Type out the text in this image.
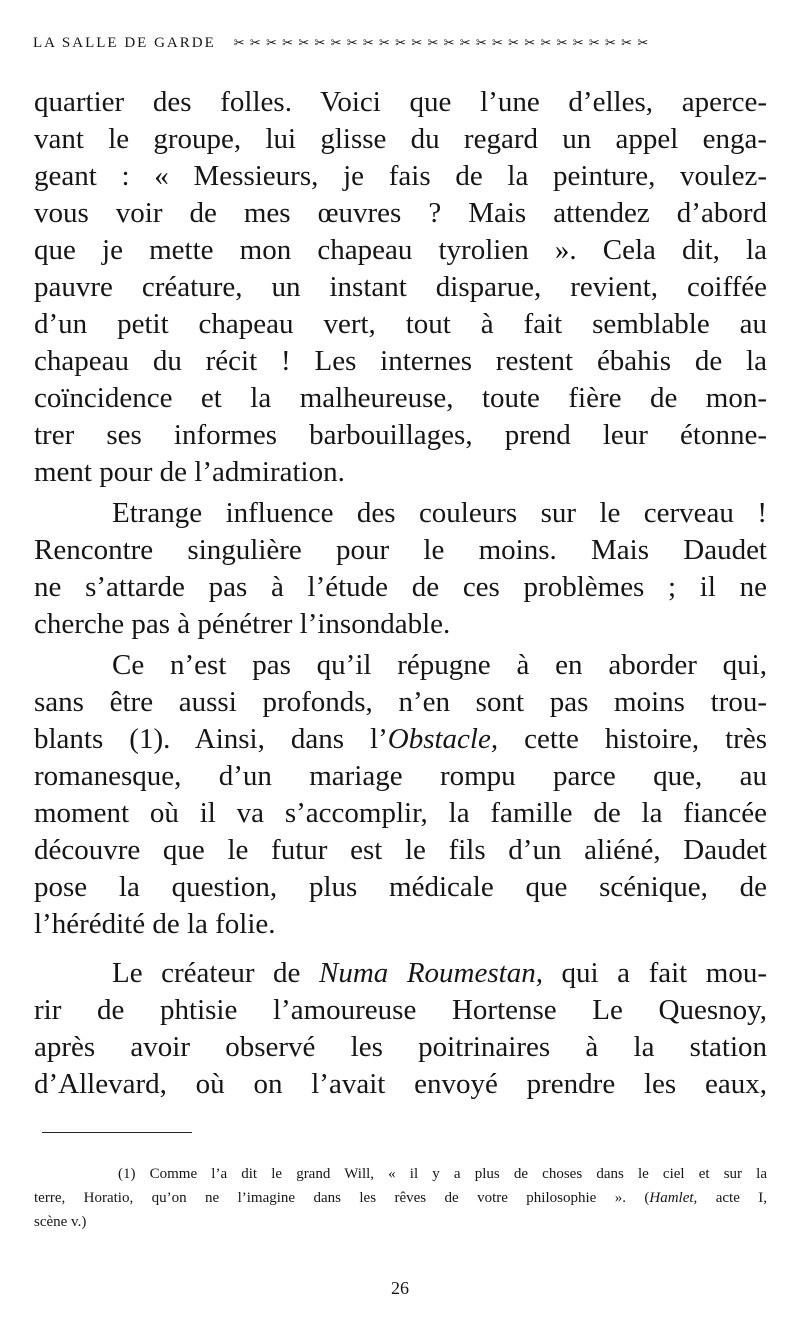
LA SALLE DE GARDE ✂ ✂ ✂ ✂ ✂ ✂ ✂ ✂ ✂ ✂ ✂ ✂ ✂ ✂ ✂ ✂ ✂ ✂ ✂ ✂ ✂ ✂ ✂ ✂ ✂ ✂
quartier des folles. Voici que l’une d’elles, aperce-
vant le groupe, lui glisse du regard un appel enga-
geant : « Messieurs, je fais de la peinture, voulez-
vous voir de mes œuvres ? Mais attendez d’abord
que je mette mon chapeau tyrolien ». Cela dit, la
pauvre créature, un instant disparue, revient, coiffée
d’un petit chapeau vert, tout à fait semblable au
chapeau du récit ! Les internes restent ébahis de la
coïncidence et la malheureuse, toute fière de mon-
trer ses informes barbouillages, prend leur étonne-
ment pour de l’admiration.
Etrange influence des couleurs sur le cerveau !
Rencontre singulière pour le moins. Mais Daudet
ne s’attarde pas à l’étude de ces problèmes ; il ne
cherche pas à pénétrer l’insondable.
Ce n’est pas qu’il répugne à en aborder qui,
sans être aussi profonds, n’en sont pas moins trou-
blants (1). Ainsi, dans l’Obstacle, cette histoire, très
romanesque, d’un mariage rompu parce que, au
moment où il va s’accomplir, la famille de la fiancée
découvre que le futur est le fils d’un aliéné, Daudet
pose la question, plus médicale que scénique, de
l’hérédité de la folie.
Le créateur de Numa Roumestan, qui a fait mou-
rir de phtisie l’amoureuse Hortense Le Quesnoy,
après avoir observé les poitrinaires à la station
d’Allevard, où on l’avait envoyé prendre les eaux,
(1) Comme l’a dit le grand Will, « il y a plus de choses dans le ciel et sur la
terre, Horatio, qu’on ne l’imagine dans les rêves de votre philosophie ». (Hamlet, acte I,
scène v.)
26
